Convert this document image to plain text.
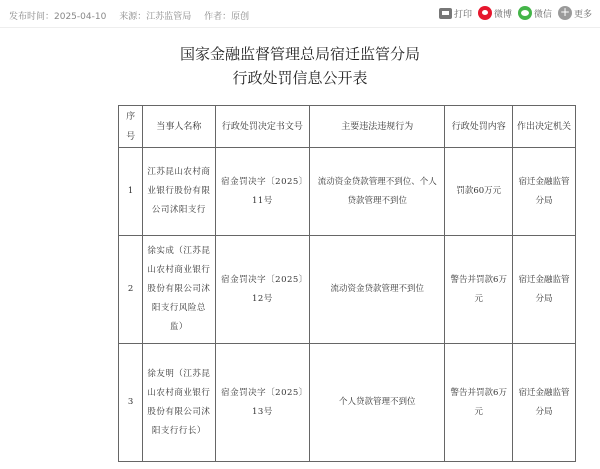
发布时间：2025-04-10 来源：江苏监管局 作者：原创	打印 微博 微信 + 更多
国家金融监督管理总局宿迁监管分局
行政处罚信息公开表
序号	当事人名称	行政处罚决定书文号	主要违法违规行为	行政处罚内容	作出决定机关
1	江苏昆山农村商业银行股份有限公司沭阳支行	宿金罚决字〔2025〕11号	流动资金贷款管理不到位、个人贷款管理不到位	罚款60万元	宿迁金融监管分局
2	徐实成（江苏昆山农村商业银行股份有限公司沭阳支行风险总监）	宿金罚决字〔2025〕12号	流动资金贷款管理不到位	警告并罚款6万元	宿迁金融监管分局
3	徐友明（江苏昆山农村商业银行股份有限公司沭阳支行行长）	宿金罚决字〔2025〕13号	个人贷款管理不到位	警告并罚款6万元	宿迁金融监管分局
